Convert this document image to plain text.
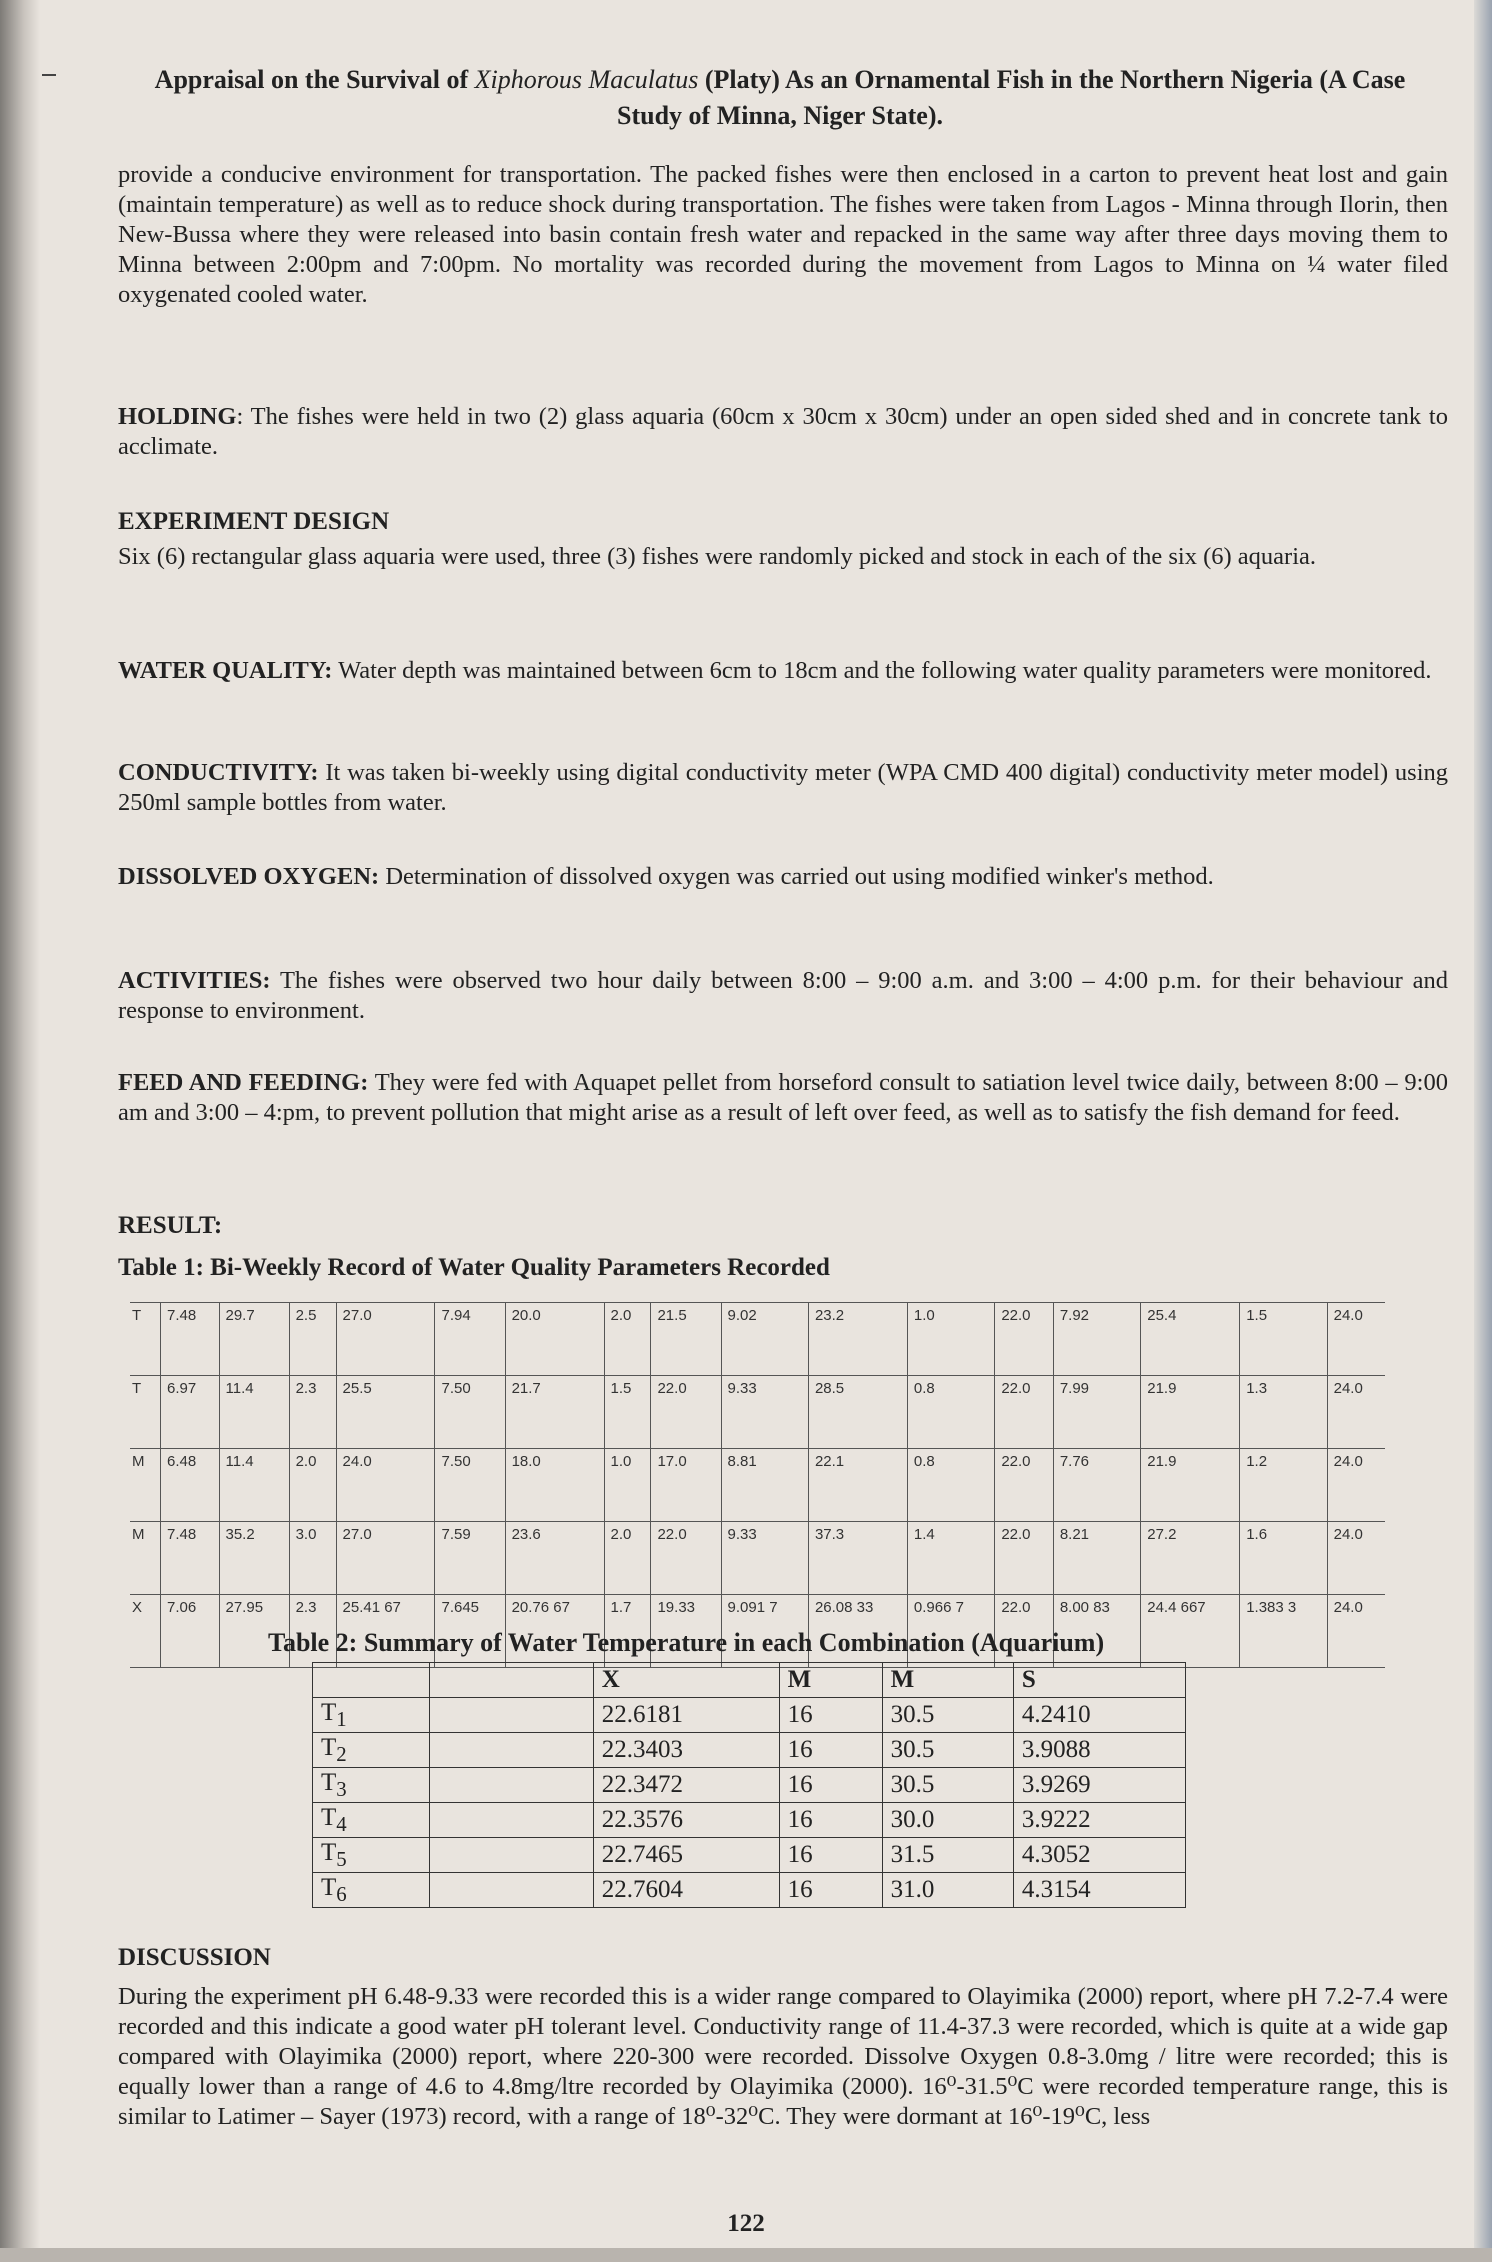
Appraisal on the Survival of Xiphorous Maculatus (Platy) As an Ornamental Fish in the Northern Nigeria (A Case Study of Minna, Niger State).

provide a conducive environment for transportation. The packed fishes were then enclosed in a carton to prevent heat lost and gain (maintain temperature) as well as to reduce shock during transportation. The fishes were taken from Lagos - Minna through Ilorin, then New-Bussa where they were released into basin contain fresh water and repacked in the same way after three days moving them to Minna between 2:00pm and 7:00pm. No mortality was recorded during the movement from Lagos to Minna on ¼ water filed oxygenated cooled water.

HOLDING: The fishes were held in two (2) glass aquaria (60cm x 30cm x 30cm) under an open sided shed and in concrete tank to acclimate.

EXPERIMENT DESIGN

Six (6) rectangular glass aquaria were used, three (3) fishes were randomly picked and stock in each of the six (6) aquaria.

WATER QUALITY: Water depth was maintained between 6cm to 18cm and the following water quality parameters were monitored.

CONDUCTIVITY: It was taken bi-weekly using digital conductivity meter (WPA CMD 400 digital) conductivity meter model) using 250ml sample bottles from water.

DISSOLVED OXYGEN: Determination of dissolved oxygen was carried out using modified winker's method.

ACTIVITIES: The fishes were observed two hour daily between 8:00 – 9:00 a.m. and 3:00 – 4:00 p.m. for their behaviour and response to environment.

FEED AND FEEDING: They were fed with Aquapet pellet from horseford consult to satiation level twice daily, between 8:00 – 9:00 am and 3:00 – 4:pm, to prevent pollution that might arise as a result of left over feed, as well as to satisfy the fish demand for feed.

RESULT:

Table 1: Bi-Weekly Record of Water Quality Parameters Recorded

T	7.48	29.7	2.5	27.0	7.94	20.0	2.0	21.5	9.02	23.2	1.0	22.0	7.92	25.4	1.5	24.0
T	6.97	11.4	2.3	25.5	7.50	21.7	1.5	22.0	9.33	28.5	0.8	22.0	7.99	21.9	1.3	24.0
M	6.48	11.4	2.0	24.0	7.50	18.0	1.0	17.0	8.81	22.1	0.8	22.0	7.76	21.9	1.2	24.0
M	7.48	35.2	3.0	27.0	7.59	23.6	2.0	22.0	9.33	37.3	1.4	22.0	8.21	27.2	1.6	24.0
X	7.06	27.95	2.3	25.41 67	7.645	20.76 67	1.7	19.33	9.091 7	26.08 33	0.966 7	22.0	8.00 83	24.4 667	1.383 3	24.0
Table 2: Summary of Water Temperature in each Combination (Aquarium)
		X	M	M	S
$T_1$		22.6181	16	30.5	4.2410
$T_2$		22.3403	16	30.5	3.9088
$T_3$		22.3472	16	30.5	3.9269
$T_4$		22.3576	16	30.0	3.9222
$T_5$		22.7465	16	31.5	4.3052
$T_6$		22.7604	16	31.0	4.3154

DISCUSSION

During the experiment pH 6.48-9.33 were recorded this is a wider range compared to Olayimika (2000) report, where pH 7.2-7.4 were recorded and this indicate a good water pH tolerant level. Conductivity range of 11.4-37.3 were recorded, which is quite at a wide gap compared with Olayimika (2000) report, where 220-300 were recorded. Dissolve Oxygen 0.8-3.0mg / litre were recorded; this is equally lower than a range of 4.6 to 4.8mg/ltre recorded by Olayimika (2000). 16⁰-31.5⁰C were recorded temperature range, this is similar to Latimer – Sayer (1973) record, with a range of 18⁰-32⁰C. They were dormant at 16⁰-19⁰C, less

122
